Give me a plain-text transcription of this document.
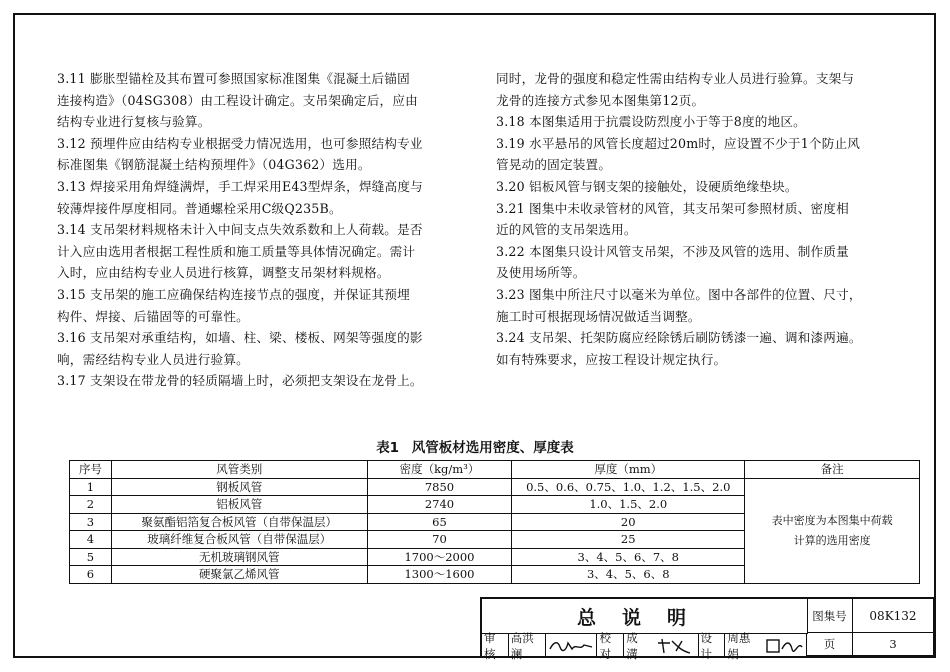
3.11 膨胀型锚栓及其布置可参照国家标准图集《混凝土后锚固
连接构造》（04SG308）由工程设计确定。支吊架确定后，应由
结构专业进行复核与验算。

3.12 预埋件应由结构专业根据受力情况选用，也可参照结构专业
标准图集《钢筋混凝土结构预埋件》（04G362）选用。

3.13 焊接采用角焊缝满焊，手工焊采用E43型焊条，焊缝高度与
较薄焊接件厚度相同。普通螺栓采用C级Q235B。

3.14 支吊架材料规格未计入中间支点失效系数和上人荷载。是否
计入应由选用者根据工程性质和施工质量等具体情况确定。需计
入时，应由结构专业人员进行核算，调整支吊架材料规格。

3.15 支吊架的施工应确保结构连接节点的强度，并保证其预埋
构件、焊接、后锚固等的可靠性。

3.16 支吊架对承重结构，如墙、柱、梁、楼板、网架等强度的影
响，需经结构专业人员进行验算。

3.17 支架设在带龙骨的轻质隔墙上时，必须把支架设在龙骨上。

同时，龙骨的强度和稳定性需由结构专业人员进行验算。支架与
龙骨的连接方式参见本图集第12页。

3.18 本图集适用于抗震设防烈度小于等于8度的地区。

3.19 水平悬吊的风管长度超过20m时，应设置不少于1个防止风
管晃动的固定装置。

3.20 铝板风管与钢支架的接触处，设硬质绝缘垫块。

3.21 图集中未收录管材的风管，其支吊架可参照材质、密度相
近的风管的支吊架选用。

3.22 本图集只设计风管支吊架，不涉及风管的选用、制作质量
及使用场所等。

3.23 图集中所注尺寸以毫米为单位。图中各部件的位置、尺寸，
施工时可根据现场情况做适当调整。

3.24 支吊架、托架防腐应经除锈后刷防锈漆一遍、调和漆两遍。
如有特殊要求，应按工程设计规定执行。

表1 风管板材选用密度、厚度表
序号	风管类别	密度（kg/m³）	厚度（mm）	备注
1	钢板风管	7850	0.5、0.6、0.75、1.0、1.2、1.5、2.0	表中密度为本图集中荷载计算的选用密度

2	铝板风管	2740	1.0、1.5、2.0	
3	聚氨酯铝箔复合板风管（自带保温层）	65	20	
4	玻璃纤维复合板风管（自带保温层）	70	25	
5	无机玻璃钢风管	1700～2000	3、4、5、6、7、8	
6	硬聚氯乙烯风管	1300～1600	3、4、5、6、8	
总说明	图集号	08K132
页	3
审核
高洪澜
校对
成 溝
设计
周惠娟
